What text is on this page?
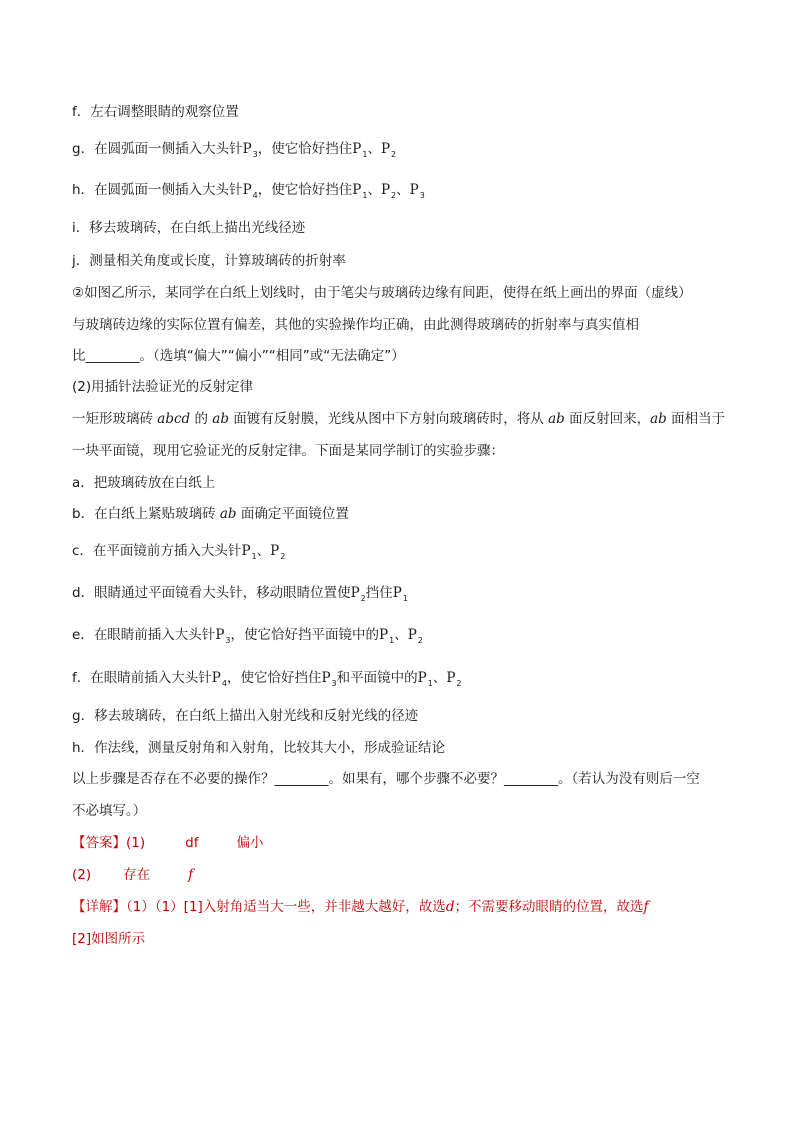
f．左右调整眼睛的观察位置
g．在圆弧面一侧插入大头针$P_3$，使它恰好挡住$P_1$、$P_2$
h．在圆弧面一侧插入大头针$P_4$，使它恰好挡住$P_1$、$P_2$、$P_3$
i．移去玻璃砖，在白纸上描出光线径迹
j．测量相关角度或长度，计算玻璃砖的折射率
②如图乙所示，某同学在白纸上划线时，由于笔尖与玻璃砖边缘有间距，使得在纸上画出的界面（虚线）
与玻璃砖边缘的实际位置有偏差，其他的实验操作均正确，由此测得玻璃砖的折射率与真实值相
比________。（选填“偏大”“偏小”“相同”或“无法确定”）
(2)用插针法验证光的反射定律
一矩形玻璃砖 abcd 的 ab 面镀有反射膜，光线从图中下方射向玻璃砖时，将从 ab 面反射回来，ab 面相当于
一块平面镜，现用它验证光的反射定律。下面是某同学制订的实验步骤：
a．把玻璃砖放在白纸上
b．在白纸上紧贴玻璃砖 ab 面确定平面镜位置
c．在平面镜前方插入大头针$P_1$、$P_2$
d．眼睛通过平面镜看大头针，移动眼睛位置使$P_2$挡住$P_1$
e．在眼睛前插入大头针$P_3$，使它恰好挡平面镜中的$P_1$、$P_2$
f．在眼睛前插入大头针$P_4$，使它恰好挡住$P_3$和平面镜中的$P_1$、$P_2$
g．移去玻璃砖，在白纸上描出入射光线和反射光线的径迹
h．作法线，测量反射角和入射角，比较其大小，形成验证结论
以上步骤是否存在不必要的操作？________。如果有，哪个步骤不必要？________。（若认为没有则后一空
不必填写。）
【答案】(1)	df	偏小
(2) 存在	f
【详解】（1）（1）[1]入射角适当大一些，并非越大越好，故选d；不需要移动眼睛的位置，故选f
[2]如图所示
